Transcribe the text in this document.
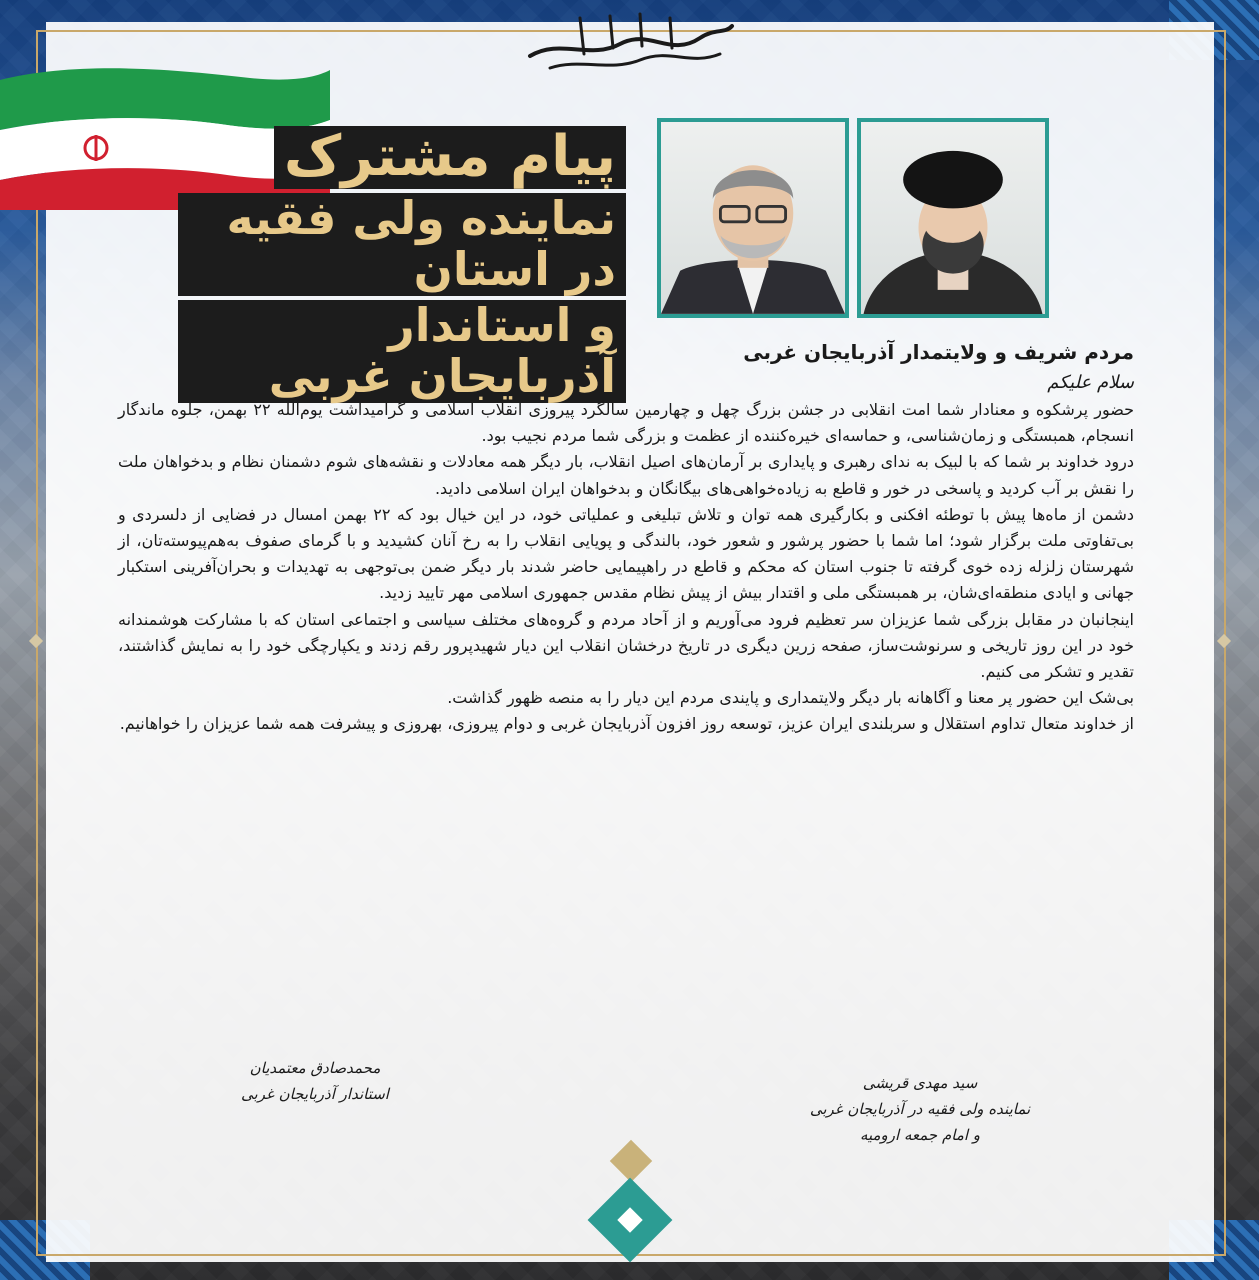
پیام مشترک
نماینده ولی فقیه در استان
و استاندار آذربایجان غربی	مردم شریف و ولایتمدار آذربایجان غربی

سلام علیکم

حضور پرشکوه و معنادار شما امت انقلابی در جشن بزرگ چهل و چهارمین سالگرد پیروزی انقلاب اسلامی و گرامیداشت یوم‌الله ۲۲ بهمن، جلوه ماندگار انسجام، همبستگی و زمان‌شناسی، و حماسه‌ای خیره‌کننده از عظمت و بزرگی شما مردم نجیب بود.

درود خداوند بر شما که با لبیک به ندای رهبری و پایداری بر آرمان‌های اصیل انقلاب، بار دیگر همه معادلات و نقشه‌های شوم دشمنان نظام و بدخواهان ملت را نقش بر آب کردید و پاسخی در خور و قاطع به زیاده‌خواهی‌های بیگانگان و بدخواهان ایران اسلامی دادید.

دشمن از ماه‌ها پیش با توطئه افکنی و بکارگیری همه توان و تلاش تبلیغی و عملیاتی خود، در این خیال بود که ۲۲ بهمن امسال در فضایی از دلسردی و بی‌تفاوتی ملت برگزار شود؛ اما شما با حضور پرشور و شعور خود، بالندگی و پویایی انقلاب را به رخ آنان کشیدید و با گرمای صفوف به‌هم‌پیوسته‌تان، از شهرستان زلزله زده خوی گرفته تا جنوب استان که محکم و قاطع در راهپیمایی حاضر شدند بار دیگر ضمن بی‌توجهی به تهدیدات و بحران‌آفرینی استکبار جهانی و ایادی منطقه‌ای‌شان، بر همبستگی ملی و اقتدار بیش از پیش نظام مقدس جمهوری اسلامی مهر تایید زدید.

اینجانبان در مقابل بزرگی شما عزیزان سر تعظیم فرود می‌آوریم و از آحاد مردم و گروه‌های مختلف سیاسی و اجتماعی استان که با مشارکت هوشمندانه خود در این روز تاریخی و سرنوشت‌ساز، صفحه زرین دیگری در تاریخ درخشان انقلاب این دیار شهیدپرور رقم زدند و یکپارچگی خود را به نمایش گذاشتند، تقدیر و تشکر می کنیم.

بی‌شک این حضور پر معنا و آگاهانه بار دیگر ولایتمداری و پایندی مردم این دیار را به منصه ظهور گذاشت.

از خداوند متعال تداوم استقلال و سربلندی ایران عزیز، توسعه روز افزون آذربایجان غربی و دوام پیروزی، بهروزی و پیشرفت همه شما عزیزان را خواهانیم.

سید مهدی قریشی
نماینده ولی فقیه در آذربایجان غربی
و امام جمعه ارومیه
محمدصادق معتمدیان
استاندار آذربایجان غربی
